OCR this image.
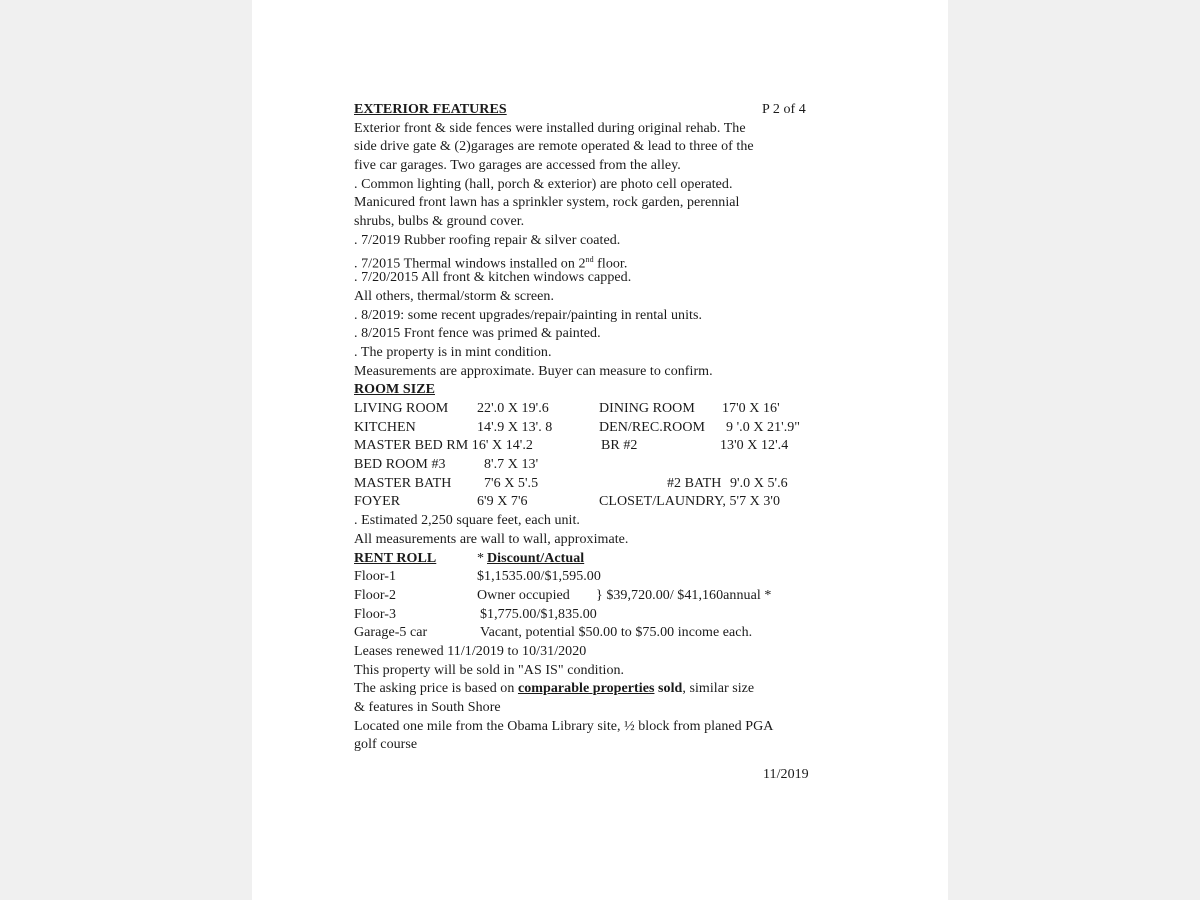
EXTERIOR FEATURES	P 2 of 4
Exterior front & side fences were installed during original rehab. The
side drive gate & (2)garages are remote operated & lead to three of the
five car garages. Two garages are accessed from the alley.
. Common lighting (hall, porch & exterior) are photo cell operated.
Manicured front lawn has a sprinkler system, rock garden, perennial
shrubs, bulbs & ground cover.
. 7/2019 Rubber roofing repair & silver coated.
. 7/2015 Thermal windows installed on 2nd floor.
. 7/20/2015 All front & kitchen windows capped.
All others, thermal/storm & screen.
. 8/2019: some recent upgrades/repair/painting in rental units.
. 8/2015 Front fence was primed & painted.
. The property is in mint condition.
Measurements are approximate. Buyer can measure to confirm.
ROOM SIZE
LIVING ROOM 22'.0 X 19'.6	DINING ROOM 17'0 X 16'
KITCHEN	14'.9 X 13'. 8	DEN/REC.ROOM 9 '.0 X 21'.9"
MASTER BED RM 16' X 14'.2	BR #2	13'0 X 12'.4
BED ROOM #3	8'.7 X 13'
MASTER BATH 7'6 X 5'.5	#2 BATH 9'.0 X 5'.6
FOYER	6'9 X 7'6	CLOSET/LAUNDRY, 5'7 X 3'0
. Estimated 2,250 square feet, each unit.
All measurements are wall to wall, approximate.
RENT ROLL	* Discount/Actual
Floor-1	$1,1535.00/$1,595.00
Floor-2	Owner occupied } $39,720.00/ $41,160annual *
Floor-3	$1,775.00/$1,835.00
Garage-5 car	Vacant, potential $50.00 to $75.00 income each.
Leases renewed 11/1/2019 to 10/31/2020
This property will be sold in "AS IS" condition.
The asking price is based on comparable properties sold, similar size
& features in South Shore
Located one mile from the Obama Library site, ½ block from planed PGA
golf course
11/2019
